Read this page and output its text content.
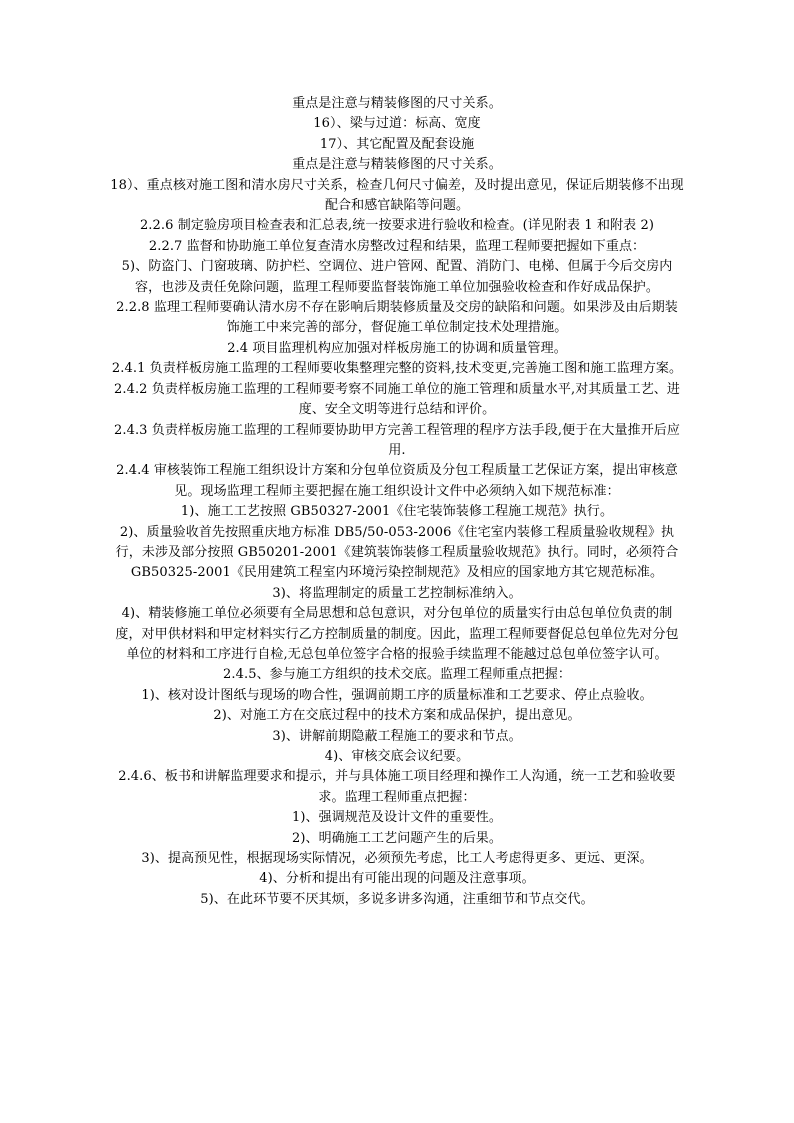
重点是注意与精装修图的尺寸关系。

16）、梁与过道：标高、宽度

17）、其它配置及配套设施

重点是注意与精装修图的尺寸关系。

18）、重点核对施工图和清水房尺寸关系，检查几何尺寸偏差，及时提出意见，保证后期装修不出现配合和感官缺陷等问题。

2.2.6 制定验房项目检查表和汇总表,统一按要求进行验收和检查。(详见附表 1 和附表 2)

2.2.7 监督和协助施工单位复查清水房整改过程和结果，监理工程师要把握如下重点：

5)、防盗门、门窗玻璃、防护栏、空调位、进户管网、配置、消防门、电梯、但属于今后交房内容，也涉及责任免除问题，监理工程师要监督装饰施工单位加强验收检查和作好成品保护。

2.2.8 监理工程师要确认清水房不存在影响后期装修质量及交房的缺陷和问题。如果涉及由后期装饰施工中来完善的部分，督促施工单位制定技术处理措施。

2.4 项目监理机构应加强对样板房施工的协调和质量管理。

2.4.1 负责样板房施工监理的工程师要收集整理完整的资料,技术变更,完善施工图和施工监理方案。

2.4.2 负责样板房施工监理的工程师要考察不同施工单位的施工管理和质量水平,对其质量工艺、进度、安全文明等进行总结和评价。

2.4.3 负责样板房施工监理的工程师要协助甲方完善工程管理的程序方法手段,便于在大量推开后应用.

2.4.4 审核装饰工程施工组织设计方案和分包单位资质及分包工程质量工艺保证方案，提出审核意见。现场监理工程师主要把握在施工组织设计文件中必须纳入如下规范标准：

1)、施工工艺按照 GB50327-2001《住宅装饰装修工程施工规范》执行。

2)、质量验收首先按照重庆地方标准 DB5/50-053-2006《住宅室内装修工程质量验收规程》执行，未涉及部分按照 GB50201-2001《建筑装饰装修工程质量验收规范》执行。同时，必须符合 GB50325-2001《民用建筑工程室内环境污染控制规范》及相应的国家地方其它规范标准。

3)、将监理制定的质量工艺控制标准纳入。

4)、精装修施工单位必须要有全局思想和总包意识，对分包单位的质量实行由总包单位负责的制度，对甲供材料和甲定材料实行乙方控制质量的制度。因此，监理工程师要督促总包单位先对分包单位的材料和工序进行自检,无总包单位签字合格的报验手续监理不能越过总包单位签字认可。

2.4.5、参与施工方组织的技术交底。监理工程师重点把握：

1)、核对设计图纸与现场的吻合性，强调前期工序的质量标准和工艺要求、停止点验收。

2)、对施工方在交底过程中的技术方案和成品保护，提出意见。

3)、讲解前期隐蔽工程施工的要求和节点。

4)、审核交底会议纪要。

2.4.6、板书和讲解监理要求和提示，并与具体施工项目经理和操作工人沟通，统一工艺和验收要求。监理工程师重点把握：

1)、强调规范及设计文件的重要性。

2)、明确施工工艺问题产生的后果。

3)、提高预见性，根据现场实际情况，必须预先考虑，比工人考虑得更多、更远、更深。

4)、分析和提出有可能出现的问题及注意事项。

5)、在此环节要不厌其烦，多说多讲多沟通，注重细节和节点交代。
